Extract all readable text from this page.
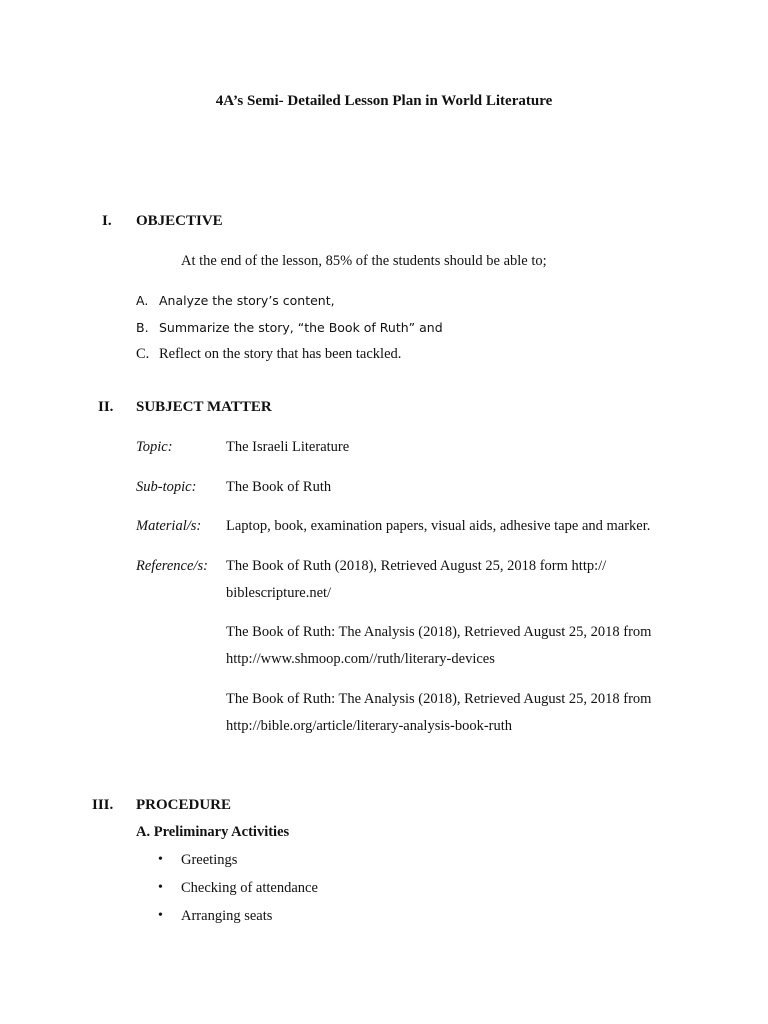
4A’s Semi- Detailed Lesson Plan in World Literature
I. OBJECTIVE
At the end of the lesson, 85% of the students should be able to;
A. Analyze the story’s content,
B. Summarize the story, “the Book of Ruth” and
C. Reflect on the story that has been tackled.
II. SUBJECT MATTER
Topic:	The Israeli Literature
Sub-topic: The Book of Ruth
Material/s: Laptop, book, examination papers, visual aids, adhesive tape and marker.
Reference/s: The Book of Ruth (2018), Retrieved August 25, 2018 form http://
biblescripture.net/
The Book of Ruth: The Analysis (2018), Retrieved August 25, 2018 from
http://www.shmoop.com//ruth/literary-devices
The Book of Ruth: The Analysis (2018), Retrieved August 25, 2018 from
http://bible.org/article/literary-analysis-book-ruth
III. PROCEDURE
A. Preliminary Activities
• Greetings
• Checking of attendance
• Arranging seats
